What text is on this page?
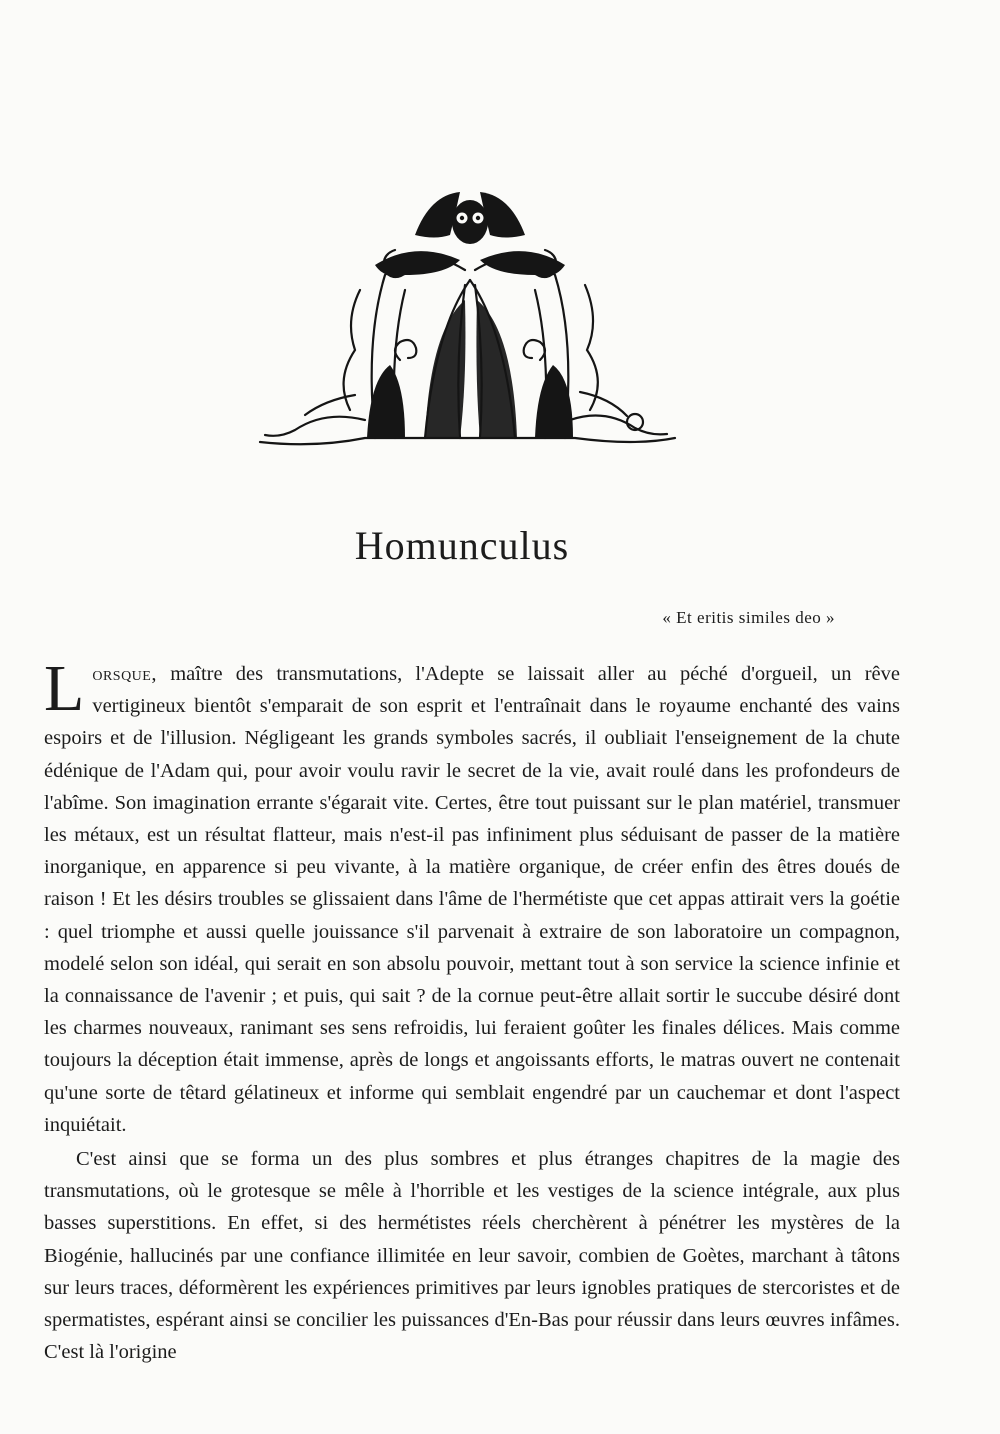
Homunculus
« Et eritis similes deo »

Lorsque, maître des transmutations, l'Adepte se laissait aller au péché d'orgueil, un rêve vertigineux bientôt s'emparait de son esprit et l'entraînait dans le royaume enchanté des vains espoirs et de l'illusion. Négligeant les grands symboles sacrés, il oubliait l'enseignement de la chute édénique de l'Adam qui, pour avoir voulu ravir le secret de la vie, avait roulé dans les profondeurs de l'abîme. Son imagination errante s'égarait vite. Certes, être tout puissant sur le plan matériel, transmuer les métaux, est un résultat flatteur, mais n'est-il pas infiniment plus séduisant de passer de la matière inorganique, en apparence si peu vivante, à la matière organique, de créer enfin des êtres doués de raison ! Et les désirs troubles se glissaient dans l'âme de l'hermétiste que cet appas attirait vers la goétie : quel triomphe et aussi quelle jouissance s'il parvenait à extraire de son laboratoire un compagnon, modelé selon son idéal, qui serait en son absolu pouvoir, mettant tout à son service la science infinie et la connaissance de l'avenir ; et puis, qui sait ? de la cornue peut-être allait sortir le succube désiré dont les charmes nouveaux, ranimant ses sens refroidis, lui feraient goûter les finales délices. Mais comme toujours la déception était immense, après de longs et angoissants efforts, le matras ouvert ne contenait qu'une sorte de têtard gélatineux et informe qui semblait engendré par un cauchemar et dont l'aspect inquiétait.

C'est ainsi que se forma un des plus sombres et plus étranges chapitres de la magie des transmutations, où le grotesque se mêle à l'horrible et les vestiges de la science intégrale, aux plus basses superstitions. En effet, si des hermétistes réels cherchèrent à pénétrer les mystères de la Biogénie, hallucinés par une confiance illimitée en leur savoir, combien de Goètes, marchant à tâtons sur leurs traces, déformèrent les expériences primitives par leurs ignobles pratiques de stercoristes et de spermatistes, espérant ainsi se concilier les puissances d'En-Bas pour réussir dans leurs œuvres infâmes. C'est là l'origine
